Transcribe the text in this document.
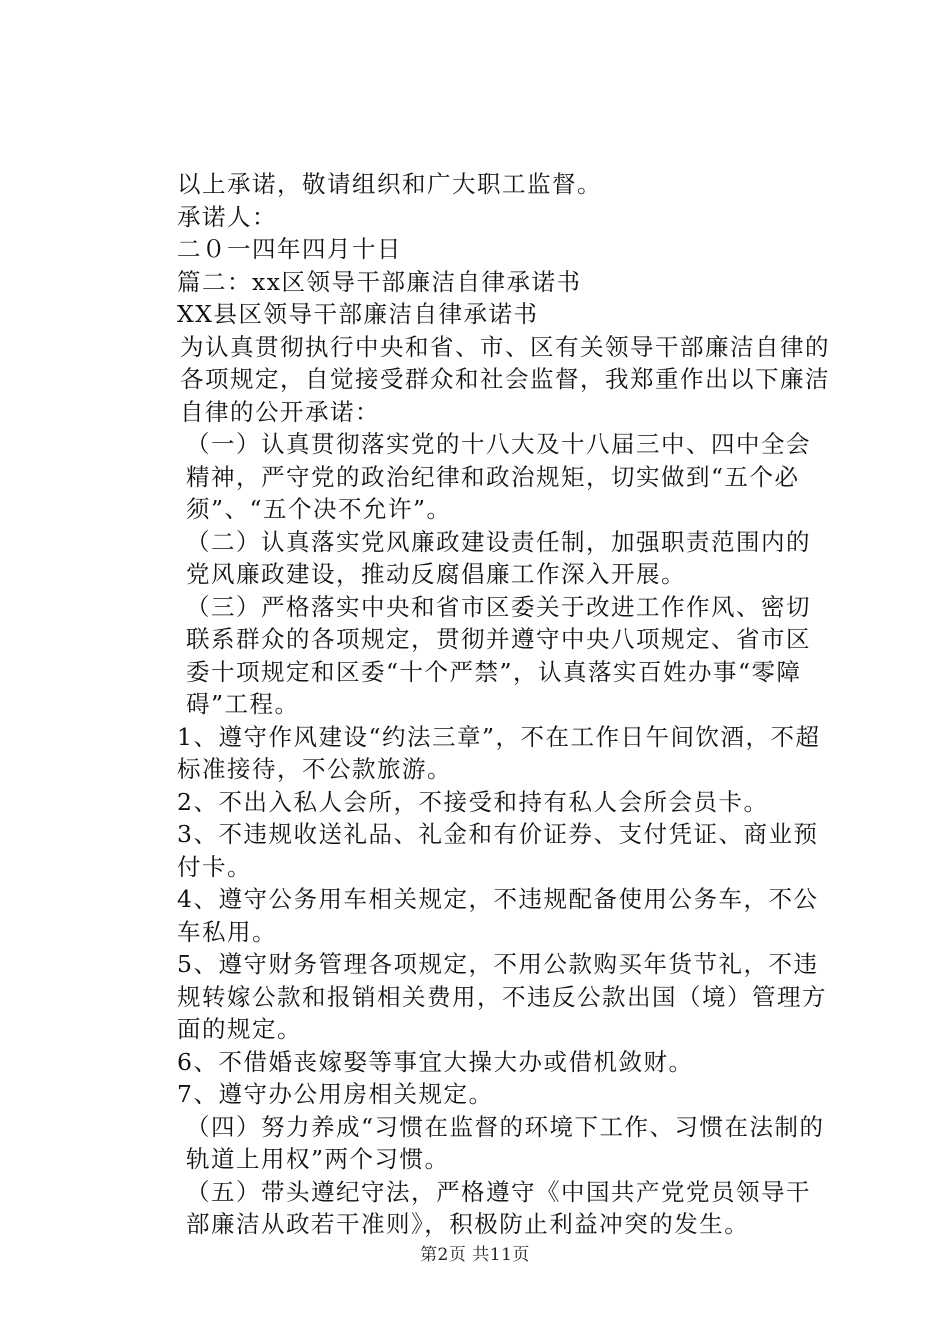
以上承诺，敬请组织和广大职工监督。

承诺人：

二０一四年四月十日

篇二：xx区领导干部廉洁自律承诺书

XX县区领导干部廉洁自律承诺书

为认真贯彻执行中央和省、市、区有关领导干部廉洁自律的各项规定，自觉接受群众和社会监督，我郑重作出以下廉洁自律的公开承诺：

（一）认真贯彻落实党的十八大及十八届三中、四中全会精神，严守党的政治纪律和政治规矩，切实做到“五个必须”、“五个决不允许”。

（二）认真落实党风廉政建设责任制，加强职责范围内的党风廉政建设，推动反腐倡廉工作深入开展。

（三）严格落实中央和省市区委关于改进工作作风、密切联系群众的各项规定，贯彻并遵守中央八项规定、省市区委十项规定和区委“十个严禁”，认真落实百姓办事“零障碍”工程。

1、遵守作风建设“约法三章”，不在工作日午间饮酒，不超标准接待，不公款旅游。

2、不出入私人会所，不接受和持有私人会所会员卡。

3、不违规收送礼品、礼金和有价证券、支付凭证、商业预付卡。

4、遵守公务用车相关规定，不违规配备使用公务车，不公车私用。

5、遵守财务管理各项规定，不用公款购买年货节礼，不违规转嫁公款和报销相关费用，不违反公款出国（境）管理方面的规定。

6、不借婚丧嫁娶等事宜大操大办或借机敛财。

7、遵守办公用房相关规定。

（四）努力养成“习惯在监督的环境下工作、习惯在法制的轨道上用权”两个习惯。

（五）带头遵纪守法，严格遵守《中国共产党党员领导干部廉洁从政若干准则》，积极防止利益冲突的发生。

第2页 共11页
